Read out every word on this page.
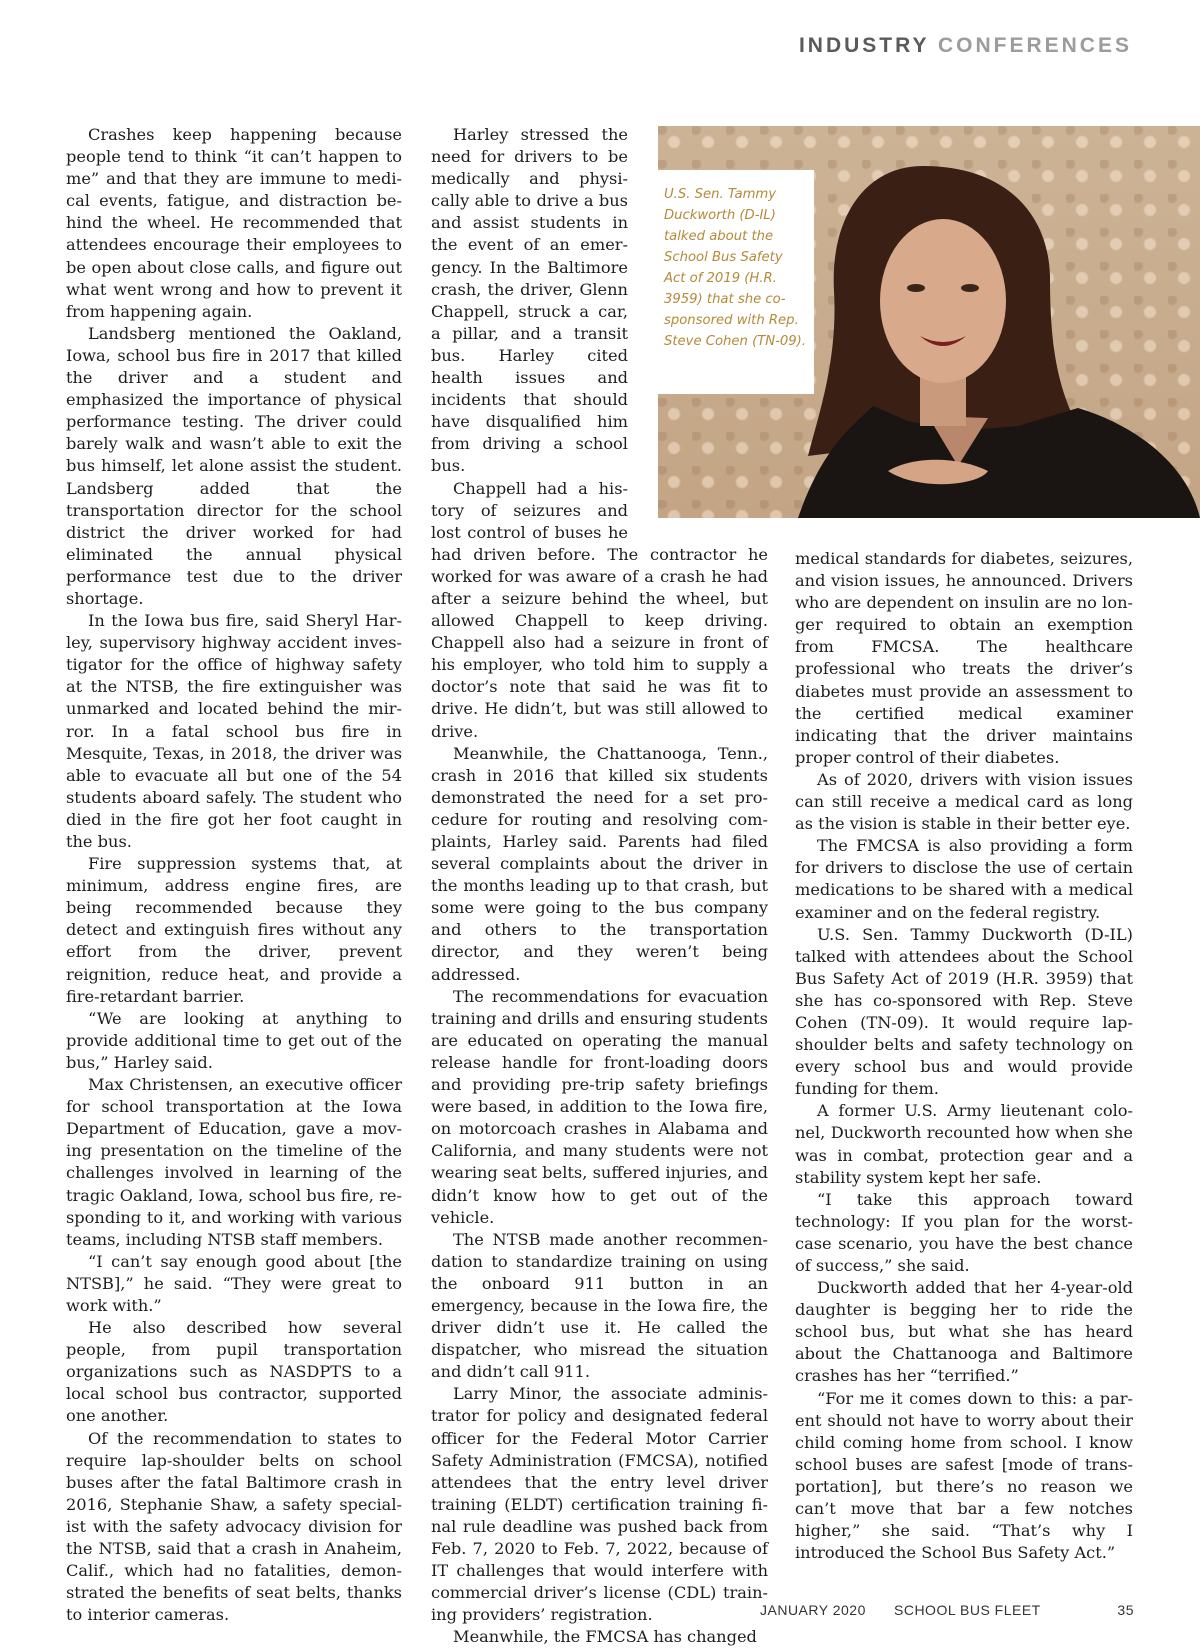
INDUSTRY CONFERENCES
U.S. Sen. Tammy Duckworth (D-IL) talked about the School Bus Safety Act of 2019 (H.R. 3959) that she co-sponsored with Rep. Steve Cohen (TN-09).

Crashes keep happening because people tend to think “it can’t happen to me” and that they are immune to medical events, fatigue, and distraction behind the wheel. He recommended that attendees encourage their employees to be open about close calls, and figure out what went wrong and how to prevent it from happening again.

Landsberg mentioned the Oakland, Iowa, school bus fire in 2017 that killed the driver and a student and emphasized the importance of physical performance testing. The driver could barely walk and wasn’t able to exit the bus himself, let alone assist the student. Landsberg added that the transportation director for the school district the driver worked for had eliminated the annual physical performance test due to the driver shortage.

In the Iowa bus fire, said Sheryl Harley, supervisory highway accident investigator for the office of highway safety at the NTSB, the fire extinguisher was unmarked and located behind the mirror. In a fatal school bus fire in Mesquite, Texas, in 2018, the driver was able to evacuate all but one of the 54 students aboard safely. The student who died in the fire got her foot caught in the bus.

Fire suppression systems that, at minimum, address engine fires, are being recommended because they detect and extinguish fires without any effort from the driver, prevent reignition, reduce heat, and provide a fire-retardant barrier.

“We are looking at anything to provide additional time to get out of the bus,” Harley said.

Max Christensen, an executive officer for school transportation at the Iowa Department of Education, gave a moving presentation on the timeline of the challenges involved in learning of the tragic Oakland, Iowa, school bus fire, responding to it, and working with various teams, including NTSB staff members.

“I can’t say enough good about [the NTSB],” he said. “They were great to work with.”

He also described how several people, from pupil transportation organizations such as NASDPTS to a local school bus contractor, supported one another.

Of the recommendation to states to require lap-shoulder belts on school buses after the fatal Baltimore crash in 2016, Stephanie Shaw, a safety specialist with the safety advocacy division for the NTSB, said that a crash in Anaheim, Calif., which had no fatalities, demonstrated the benefits of seat belts, thanks to interior cameras.

Harley stressed the need for drivers to be medically and physically able to drive a bus and assist students in the event of an emergency. In the Baltimore crash, the driver, Glenn Chappell, struck a car, a pillar, and a transit bus. Harley cited health issues and incidents that should have disqualified him from driving a school bus.

Chappell had a history of seizures and lost control of buses he had driven before. The contractor he worked for was aware of a crash he had after a seizure behind the wheel, but allowed Chappell to keep driving. Chappell also had a seizure in front of his employer, who told him to supply a doctor’s note that said he was fit to drive. He didn’t, but was still allowed to drive.

Meanwhile, the Chattanooga, Tenn., crash in 2016 that killed six students demonstrated the need for a set procedure for routing and resolving complaints, Harley said. Parents had filed several complaints about the driver in the months leading up to that crash, but some were going to the bus company and others to the transportation director, and they weren’t being addressed.

The recommendations for evacuation training and drills and ensuring students are educated on operating the manual release handle for front-loading doors and providing pre-trip safety briefings were based, in addition to the Iowa fire, on motorcoach crashes in Alabama and California, and many students were not wearing seat belts, suffered injuries, and didn’t know how to get out of the vehicle.

The NTSB made another recommendation to standardize training on using the onboard 911 button in an emergency, because in the Iowa fire, the driver didn’t use it. He called the dispatcher, who misread the situation and didn’t call 911.

Larry Minor, the associate administrator for policy and designated federal officer for the Federal Motor Carrier Safety Administration (FMCSA), notified attendees that the entry level driver training (ELDT) certification training final rule deadline was pushed back from Feb. 7, 2020 to Feb. 7, 2022, because of IT challenges that would interfere with commercial driver’s license (CDL) training providers’ registration.

Meanwhile, the FMCSA has changed

medical standards for diabetes, seizures, and vision issues, he announced. Drivers who are dependent on insulin are no longer required to obtain an exemption from FMCSA. The healthcare professional who treats the driver’s diabetes must provide an assessment to the certified medical examiner indicating that the driver maintains proper control of their diabetes.

As of 2020, drivers with vision issues can still receive a medical card as long as the vision is stable in their better eye.

The FMCSA is also providing a form for drivers to disclose the use of certain medications to be shared with a medical examiner and on the federal registry.

U.S. Sen. Tammy Duckworth (D-IL) talked with attendees about the School Bus Safety Act of 2019 (H.R. 3959) that she has co-sponsored with Rep. Steve Cohen (TN-09). It would require lap-shoulder belts and safety technology on every school bus and would provide funding for them.

A former U.S. Army lieutenant colonel, Duckworth recounted how when she was in combat, protection gear and a stability system kept her safe.

“I take this approach toward technology: If you plan for the worst-case scenario, you have the best chance of success,” she said.

Duckworth added that her 4-year-old daughter is begging her to ride the school bus, but what she has heard about the Chattanooga and Baltimore crashes has her “terrified.”

“For me it comes down to this: a parent should not have to worry about their child coming home from school. I know school buses are safest [mode of transportation], but there’s no reason we can’t move that bar a few notches higher,” she said. “That’s why I introduced the School Bus Safety Act.”

JANUARY 2020 SCHOOL BUS FLEET	35
